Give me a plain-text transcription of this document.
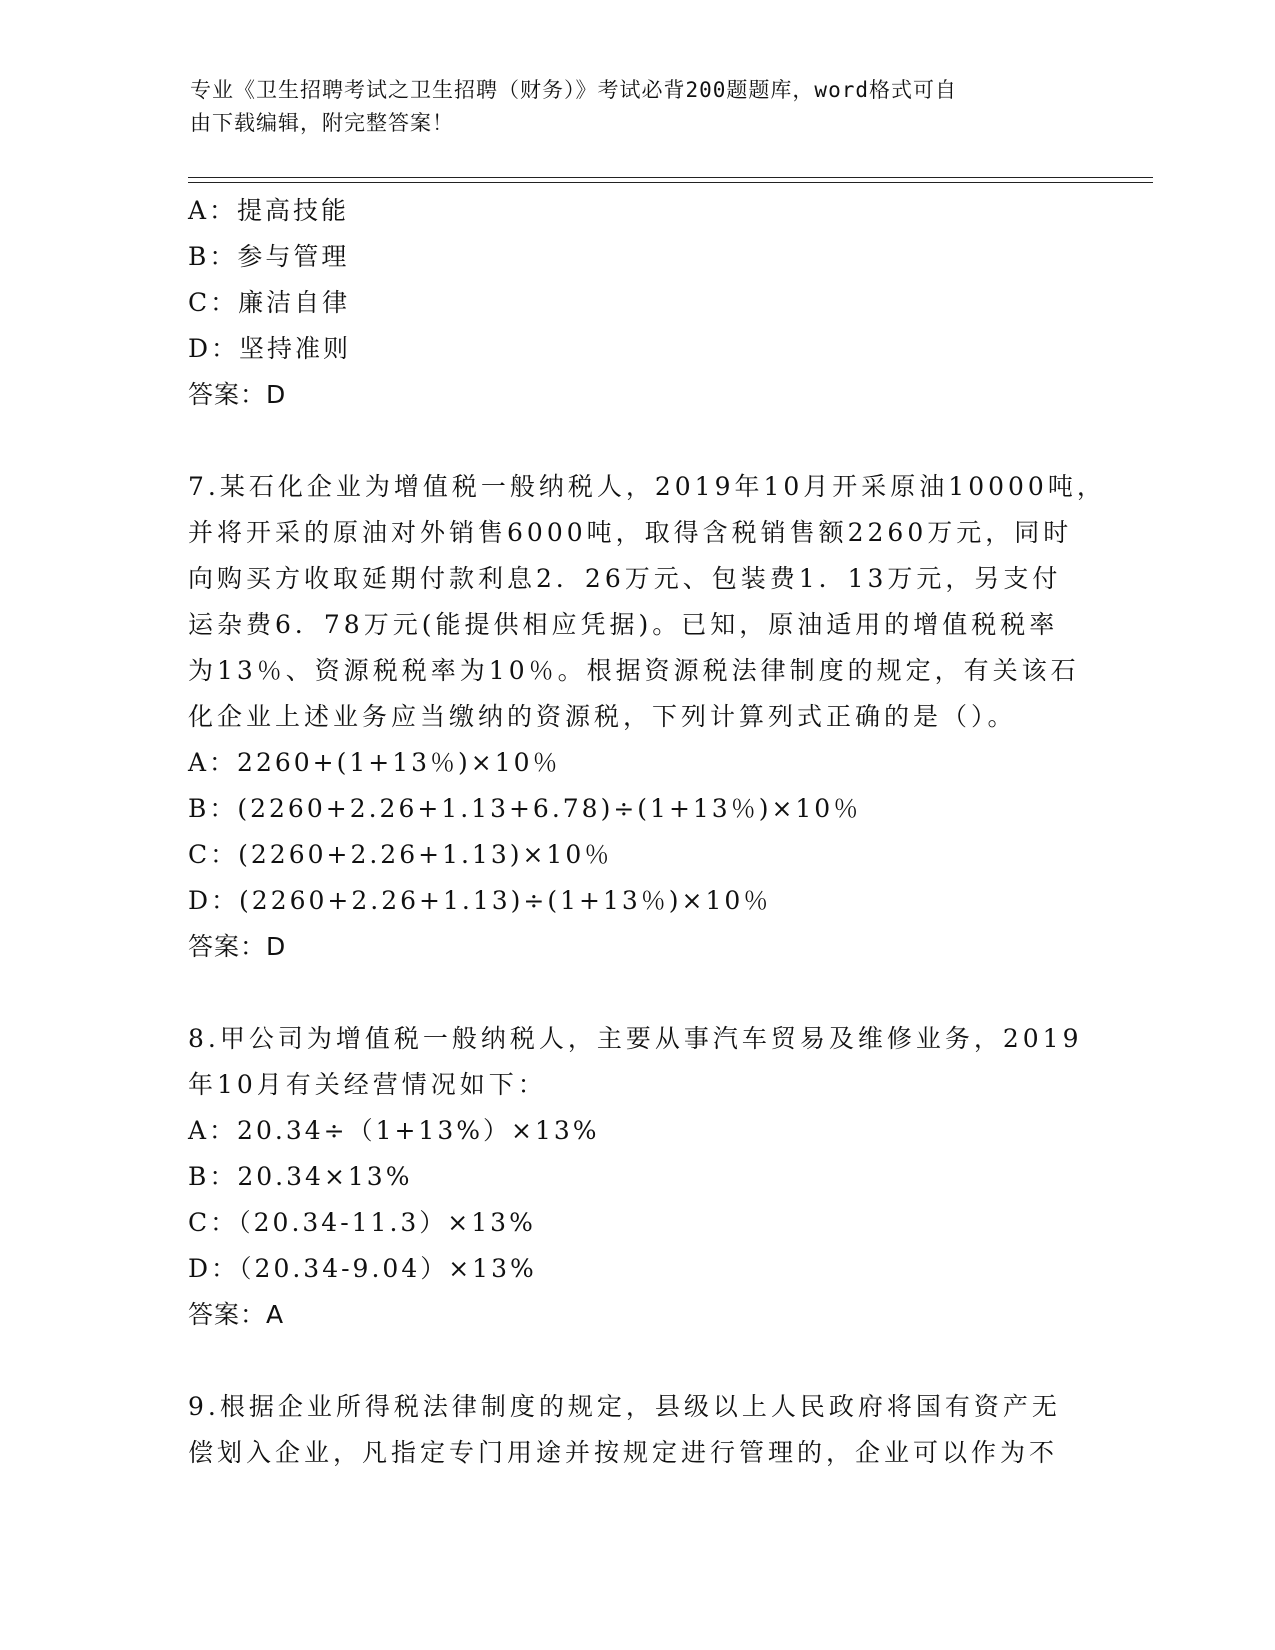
专业《卫生招聘考试之卫生招聘（财务）》考试必背200题题库，word格式可自
由下载编辑，附完整答案！
A：提高技能
B：参与管理
C：廉洁自律
D：坚持准则
答案：D
7.某石化企业为增值税一般纳税人，2019年10月开采原油10000吨，
并将开采的原油对外销售6000吨，取得含税销售额2260万元，同时
向购买方收取延期付款利息2．26万元、包装费1．13万元，另支付
运杂费6．78万元(能提供相应凭据)。已知，原油适用的增值税税率
为13％、资源税税率为10％。根据资源税法律制度的规定，有关该石
化企业上述业务应当缴纳的资源税，下列计算列式正确的是（）。
A：2260+(1+13％)×10％
B：(2260+2.26+1.13+6.78)÷(1+13％)×10％
C：(2260+2.26+1.13)×10％
D：(2260+2.26+1.13)÷(1+13％)×10％
答案：D
8.甲公司为增值税一般纳税人，主要从事汽车贸易及维修业务，2019
年10月有关经营情况如下：
A：20.34÷（1+13%）×13%
B：20.34×13%
C：（20.34-11.3）×13%
D：（20.34-9.04）×13%
答案：A
9.根据企业所得税法律制度的规定，县级以上人民政府将国有资产无
偿划入企业，凡指定专门用途并按规定进行管理的，企业可以作为不
